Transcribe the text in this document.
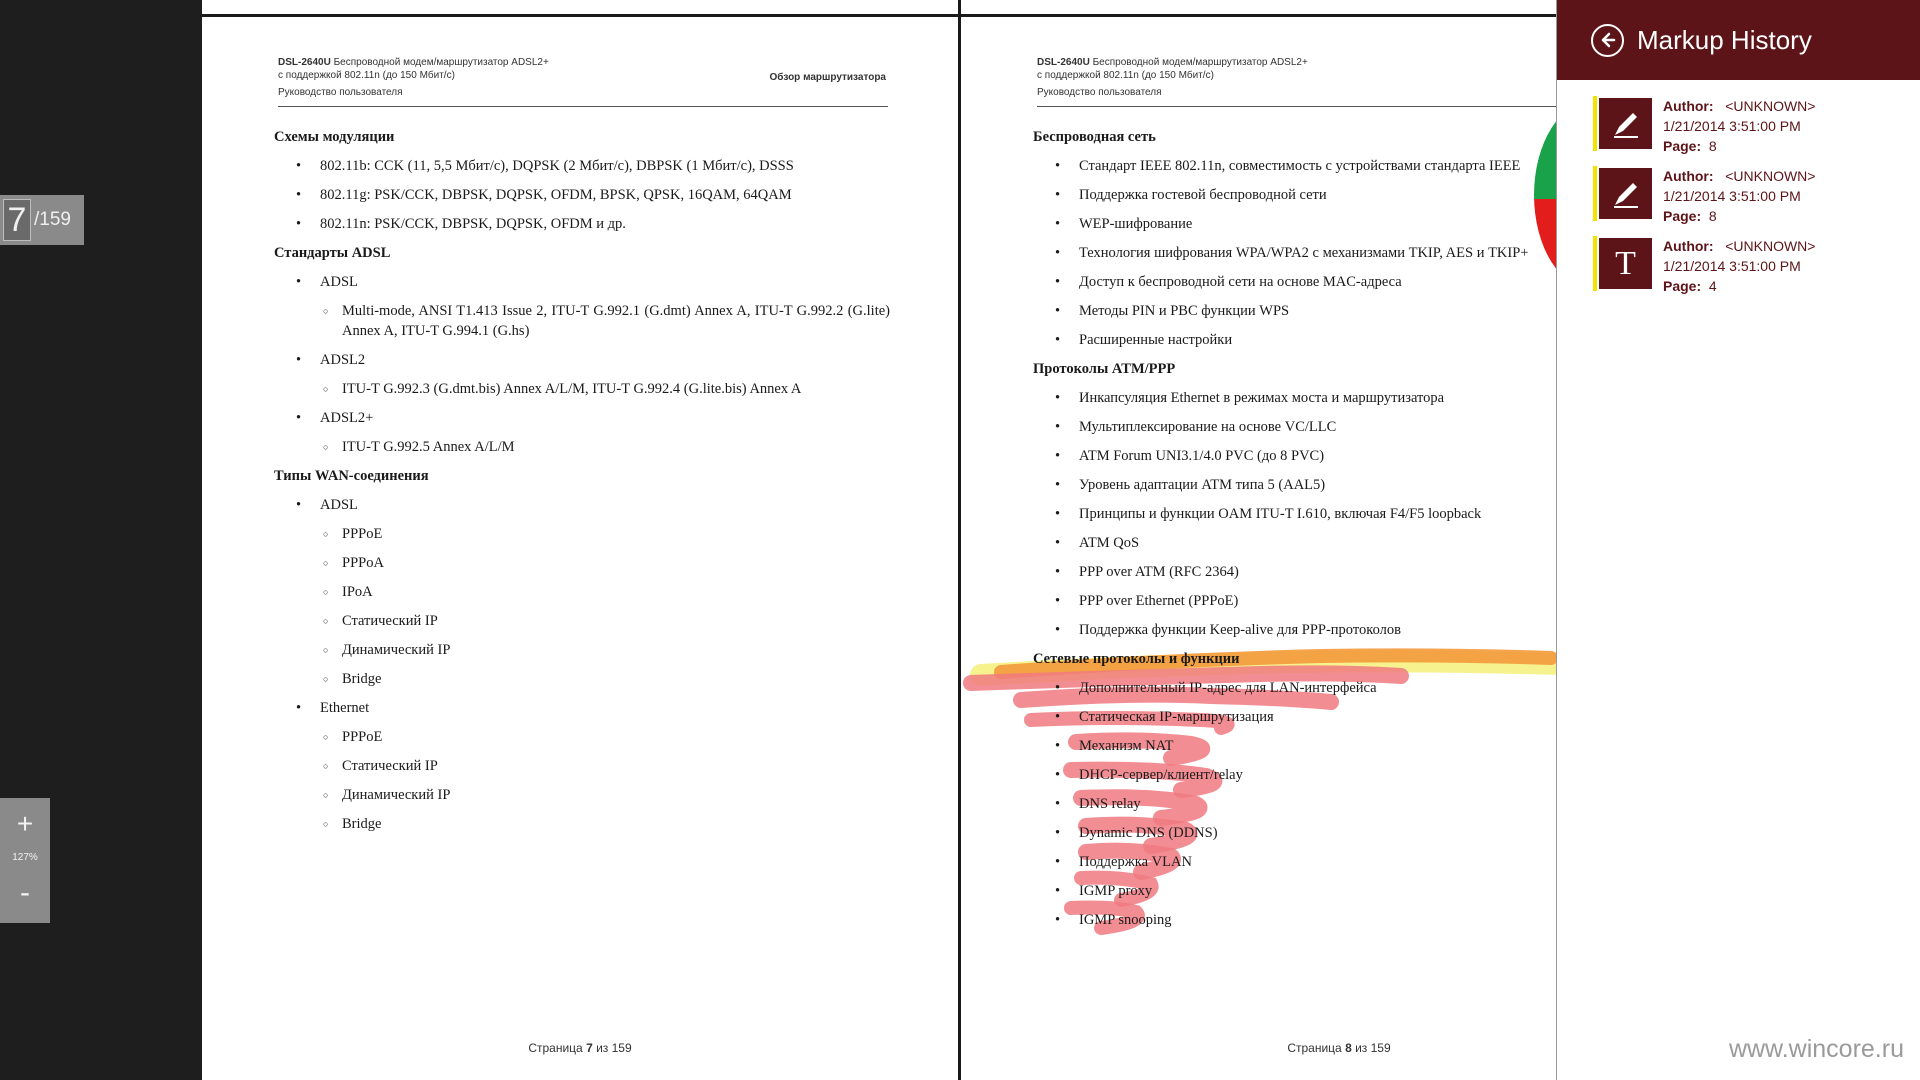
7 /159
+
127%
-
DSL-2640U Беспроводной модем/маршрутизатор ADSL2+
с поддержкой 802.11n (до 150 Мбит/с)
Руководство пользователя
Обзор маршрутизатора
Схемы модуляции
• 802.11b: CCK (11, 5,5 Мбит/с), DQPSK (2 Мбит/с), DBPSK (1 Мбит/с), DSSS
• 802.11g: PSK/CCK, DBPSK, DQPSK, OFDM, BPSK, QPSK, 16QAM, 64QAM
• 802.11n: PSK/CCK, DBPSK, DQPSK, OFDM и др.
Стандарты ADSL
• ADSL
○ Multi-mode, ANSI T1.413 Issue 2, ITU-T G.992.1 (G.dmt) Annex A, ITU-T G.992.2 (G.lite) Annex A, ITU-T G.994.1 (G.hs)
• ADSL2
○ ITU-T G.992.3 (G.dmt.bis) Annex A/L/M, ITU-T G.992.4 (G.lite.bis) Annex A
• ADSL2+
○ ITU-T G.992.5 Annex A/L/M
Типы WAN-соединения
• ADSL
○ PPPoE
○ PPPoA
○ IPoA
○ Статический IP
○ Динамический IP
○ Bridge
• Ethernet
○ PPPoE
○ Статический IP
○ Динамический IP
○ Bridge
Страница 7 из 159
DSL-2640U Беспроводной модем/маршрутизатор ADSL2+
с поддержкой 802.11n (до 150 Мбит/с)
Руководство пользователя
Беспроводная сеть
• Стандарт IEEE 802.11n, совместимость с устройствами стандарта IEEE
• Поддержка гостевой беспроводной сети
• WEP-шифрование
• Технология шифрования WPA/WPA2 с механизмами TKIP, AES и TKIP+
• Доступ к беспроводной сети на основе MAC-адреса
• Методы PIN и PBC функции WPS
• Расширенные настройки
Протоколы ATM/PPP
• Инкапсуляция Ethernet в режимах моста и маршрутизатора
• Мультиплексирование на основе VC/LLC
• ATM Forum UNI3.1/4.0 PVC (до 8 PVC)
• Уровень адаптации ATM типа 5 (AAL5)
• Принципы и функции OAM ITU-T I.610, включая F4/F5 loopback
• ATM QoS
• PPP over ATM (RFC 2364)
• PPP over Ethernet (PPPoE)
• Поддержка функции Keep-alive для PPP-протоколов
Сетевые протоколы и функции
• Дополнительный IP-адрес для LAN-интерфейса
• Статическая IP-маршрутизация
• Механизм NAT
• DHCP-сервер/клиент/relay
• DNS relay
• Dynamic DNS (DDNS)
• Поддержка VLAN
• IGMP proxy
• IGMP snooping
Страница 8 из 159
Markup History
Author: <UNKNOWN>
1/21/2014 3:51:00 PM
Page: 8
Author: <UNKNOWN>
1/21/2014 3:51:00 PM
Page: 8
T Author: <UNKNOWN>
1/21/2014 3:51:00 PM
Page: 4
www.wincore.ru
